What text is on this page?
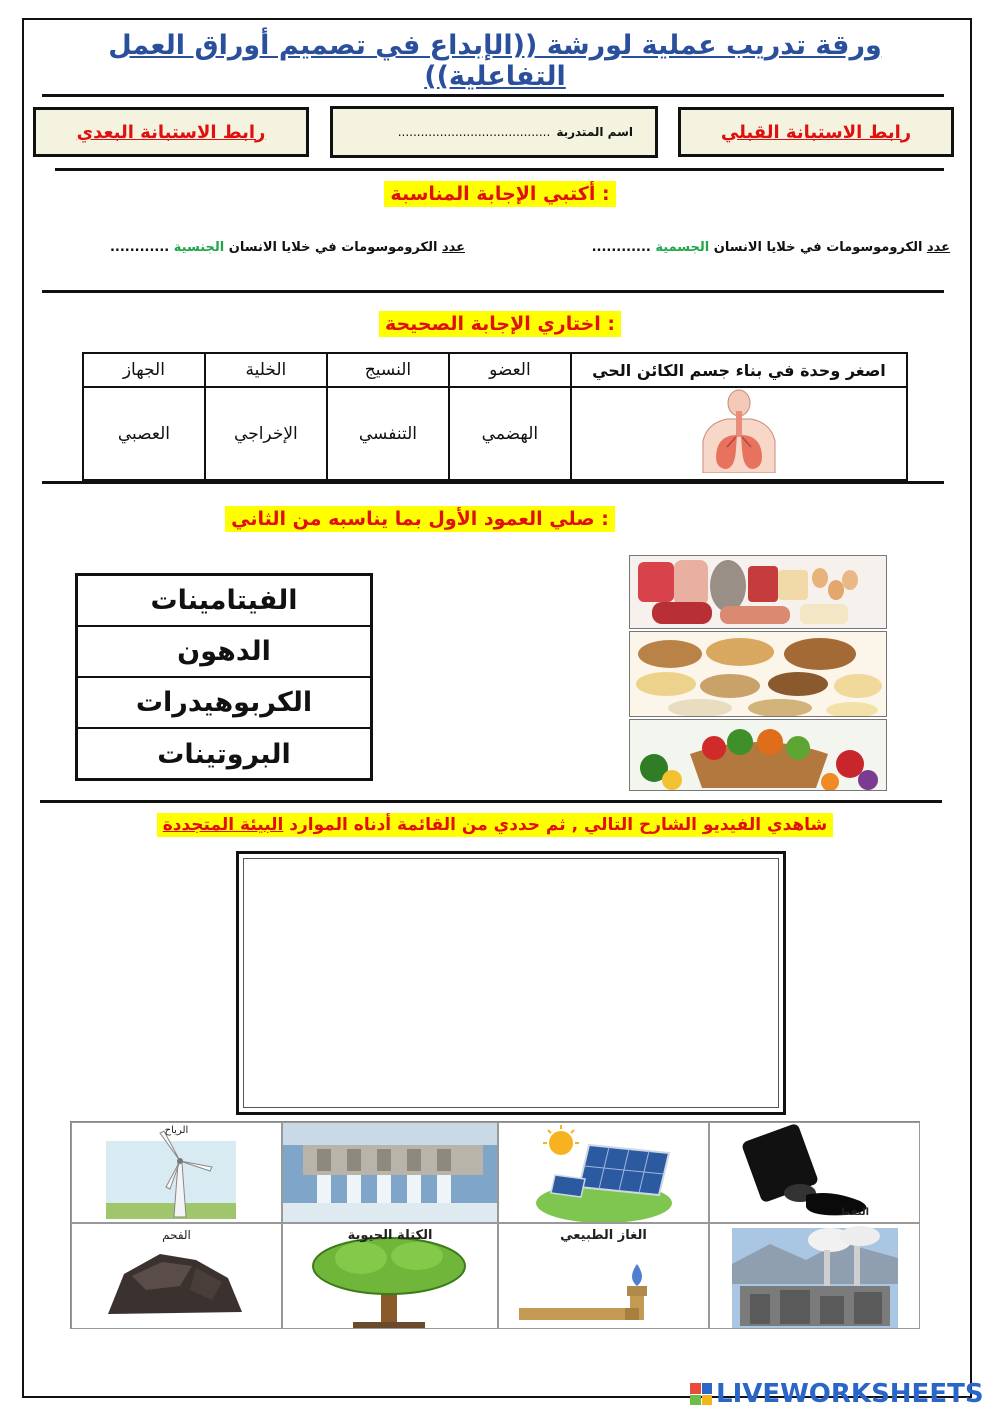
ورقة تدريب عملية لورشة ((الإبداع في تصميم أوراق العمل التفاعلية))
رابط الاستبانة البعدي	اسم المتدربة
........................................	رابط الاستبانة القبلي
أكتبي الإجابة المناسبة :
عدد الكروموسومات في خلايا الانسان الجسمية ............
عدد الكروموسومات في خلايا الانسان الجنسية ............
اختاري الإجابة الصحيحة :
اصغر وحدة في بناء جسم الكائن الحي	العضو	النسيج	الخلية	الجهاز
	الهضمي	التنفسي	الإخراجي	العصبي
صلي العمود الأول بما يناسبه من الثاني :
الفيتامينات
الدهون
الكربوهيدرات
البروتينات
شاهدي الفيديو الشارح التالي , ثم حددي من القائمة أدناه الموارد البيئة المتجددة
النفط
الرياح
الغاز الطبيعي
الكتلة الحيوية
الفحم
LIVEWORKSHEETS
